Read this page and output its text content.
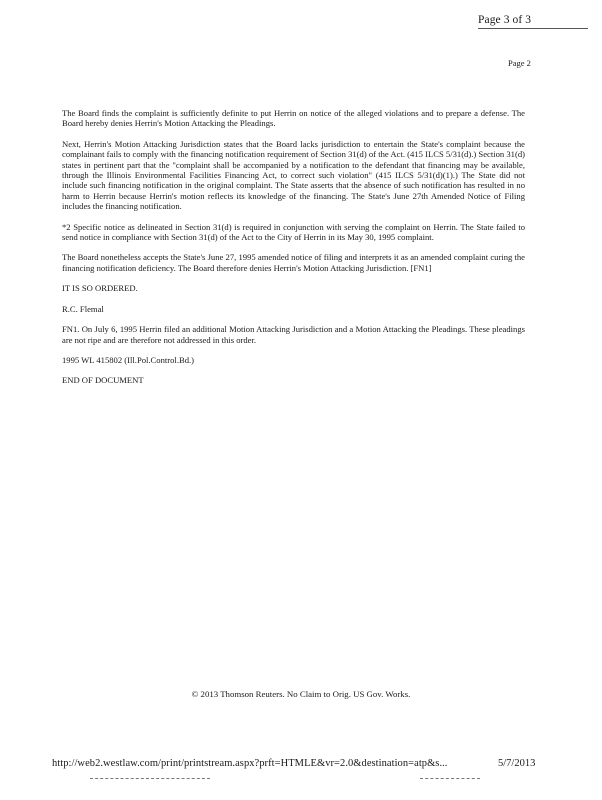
Page 3 of 3
Page 2

The Board finds the complaint is sufficiently definite to put Herrin on notice of the alleged violations and to prepare a defense. The Board hereby denies Herrin's Motion Attacking the Pleadings.

Next, Herrin's Motion Attacking Jurisdiction states that the Board lacks jurisdiction to entertain the State's complaint because the complainant fails to comply with the financing notification requirement of Section 31(d) of the Act. (415 ILCS 5/31(d).) Section 31(d) states in pertinent part that the "complaint shall be accompanied by a notification to the defendant that financing may be available, through the Illinois Environmental Facilities Financing Act, to correct such violation" (415 ILCS 5/31(d)(1).) The State did not include such financing notification in the original complaint. The State asserts that the absence of such notification has resulted in no harm to Herrin because Herrin's motion reflects its knowledge of the financing. The State's June 27th Amended Notice of Filing includes the financing notification.

*2 Specific notice as delineated in Section 31(d) is required in conjunction with serving the complaint on Herrin. The State failed to send notice in compliance with Section 31(d) of the Act to the City of Herrin in its May 30, 1995 complaint.

The Board nonetheless accepts the State's June 27, 1995 amended notice of filing and interprets it as an amended complaint curing the financing notification deficiency. The Board therefore denies Herrin's Motion Attacking Jurisdiction. [FN1]

IT IS SO ORDERED.

R.C. Flemal

FN1. On July 6, 1995 Herrin filed an additional Motion Attacking Jurisdiction and a Motion Attacking the Pleadings. These pleadings are not ripe and are therefore not addressed in this order.

1995 WL 415802 (Ill.Pol.Control.Bd.)

END OF DOCUMENT

© 2013 Thomson Reuters. No Claim to Orig. US Gov. Works.
http://web2.westlaw.com/print/printstream.aspx?prft=HTMLE&vr=2.0&destination=atp&s...	5/7/2013
